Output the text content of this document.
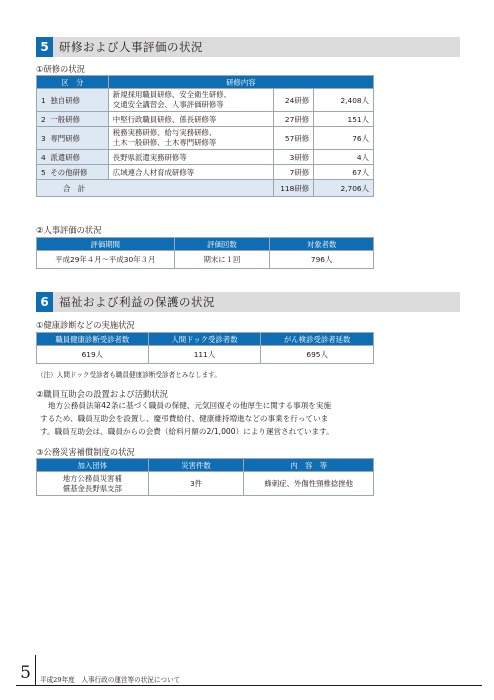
5 研修および人事評価の状況
①研修の状況
区　分	研修内容		
1 独自研修	新規採用職員研修、安全衛生研修、
交通安全講習会、人事評価研修等	24研修	2,408人
2 一般研修	中堅行政職員研修、係長研修等	27研修	151人
3 専門研修	税務実務研修、給与実務研修、
土木一般研修、土木専門研修等	57研修	76人
4 派遣研修	長野県派遣実務研修等	3研修	4人
5 その他研修	広域連合人材育成研修等	7研修	67人
合　計		118研修	2,706人
②人事評価の状況
評価期間	評価回数	対象者数
平成29年４月～平成30年３月	期末に１回	796人
6 福祉および利益の保護の状況
①健康診断などの実施状況
職員健康診断受診者数	人間ドック受診者数	がん検診受診者延数
619人	111人	695人
（注）人間ドック受診者も職員健康診断受診者とみなします。
②職員互助会の設置および活動状況
地方公務員法第42条に基づく職員の保健、元気回復その他厚生に関する事項を実施
するため、職員互助会を設置し、慶弔費給付、健康維持増進などの事業を行っていま
す。職員互助会は、職員からの会費（給料月額の2/1,000）により運営されています。
③公務災害補償制度の状況
加入団体	災害件数	内　容　等

地方公務員災害補
償基金長野県支部	3件	蜂刺症、外傷性頸椎捻挫他
5	平成29年度　人事行政の運営等の状況について
